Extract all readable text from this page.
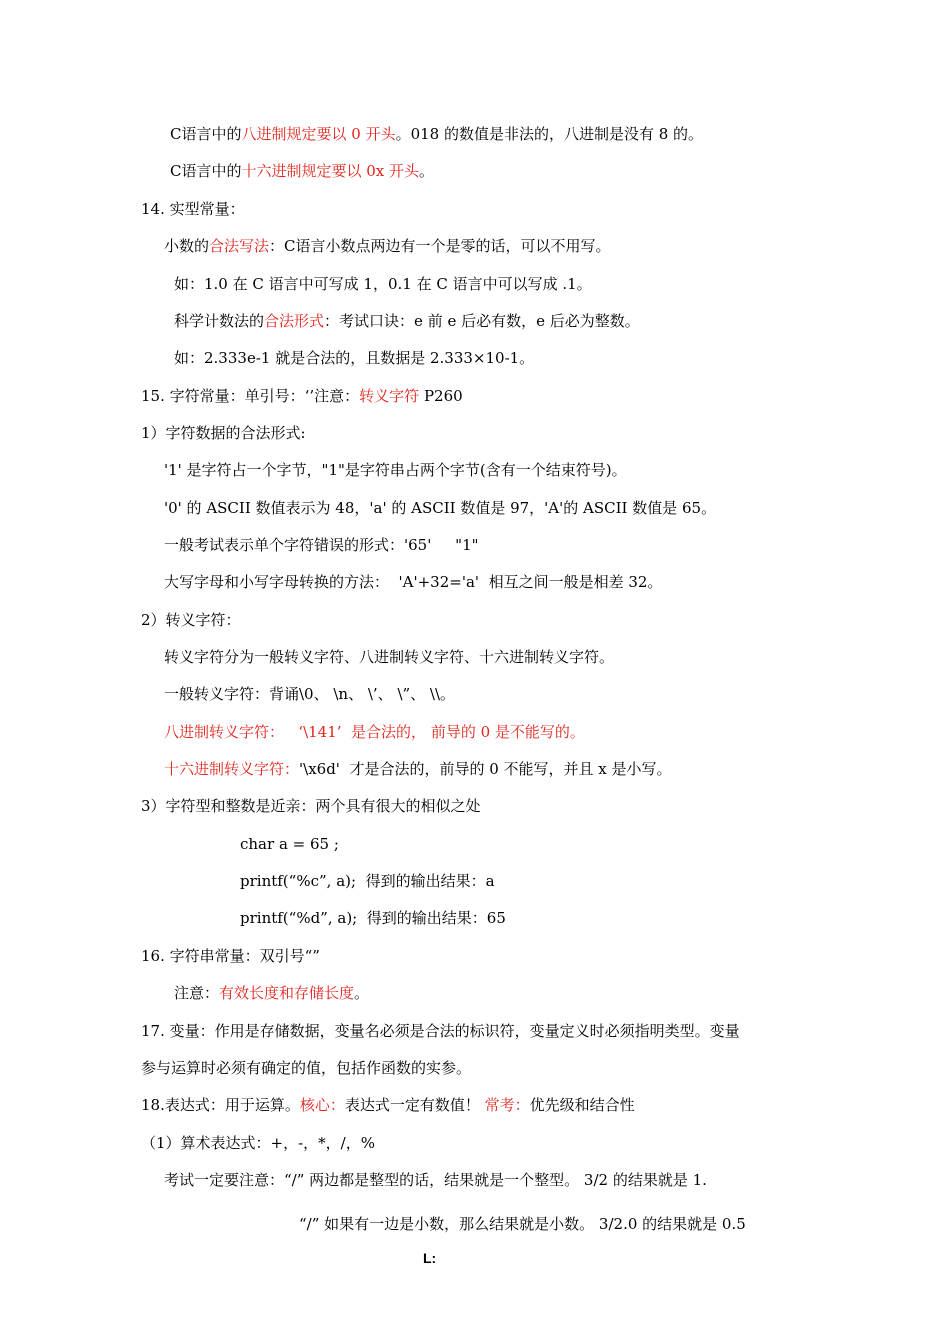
C语言中的八进制规定要以 0 开头。018 的数值是非法的，八进制是没有 8 的。
C语言中的十六进制规定要以 0x 开头。
14. 实型常量：
小数的合法写法：C语言小数点两边有一个是零的话，可以不用写。
如：1.0 在 C 语言中可写成 1，0.1 在 C 语言中可以写成 .1。
科学计数法的合法形式：考试口诀：e 前 e 后必有数，e 后必为整数。
如：2.333e-1 就是合法的，且数据是 2.333×10-1。
15. 字符常量：单引号：‘’注意：转义字符 P260
1）字符数据的合法形式:
'1' 是字符占一个字节，"1"是字符串占两个字节(含有一个结束符号)。
'0' 的 ASCII 数值表示为 48，'a' 的 ASCII 数值是 97，'A'的 ASCII 数值是 65。
一般考试表示单个字符错误的形式：'65'     "1"
大写字母和小写字母转换的方法：  'A'+32='a'  相互之间一般是相差 32。
2）转义字符：
转义字符分为一般转义字符、八进制转义字符、十六进制转义字符。
一般转义字符：背诵\0、 \n、 \’、 \”、 \\。
八进制转义字符：   ‘\141’  是合法的， 前导的 0 是不能写的。
十六进制转义字符：'\x6d'  才是合法的，前导的 0 不能写，并且 x 是小写。
3）字符型和整数是近亲：两个具有很大的相似之处
char a = 65 ;
printf(“%c”, a);  得到的输出结果：a
printf(“%d”, a);  得到的输出结果：65
16. 字符串常量：双引号“”
注意：有效长度和存储长度。
17. 变量：作用是存储数据，变量名必须是合法的标识符，变量定义时必须指明类型。变量
参与运算时必须有确定的值，包括作函数的实参。
18.表达式：用于运算。核心：表达式一定有数值！ 常考：优先级和结合性
（1）算术表达式：+，-，*，/，%
考试一定要注意：“/” 两边都是整型的话，结果就是一个整型。 3/2 的结果就是 1.
“/” 如果有一边是小数，那么结果就是小数。 3/2.0 的结果就是 0.5
L:
